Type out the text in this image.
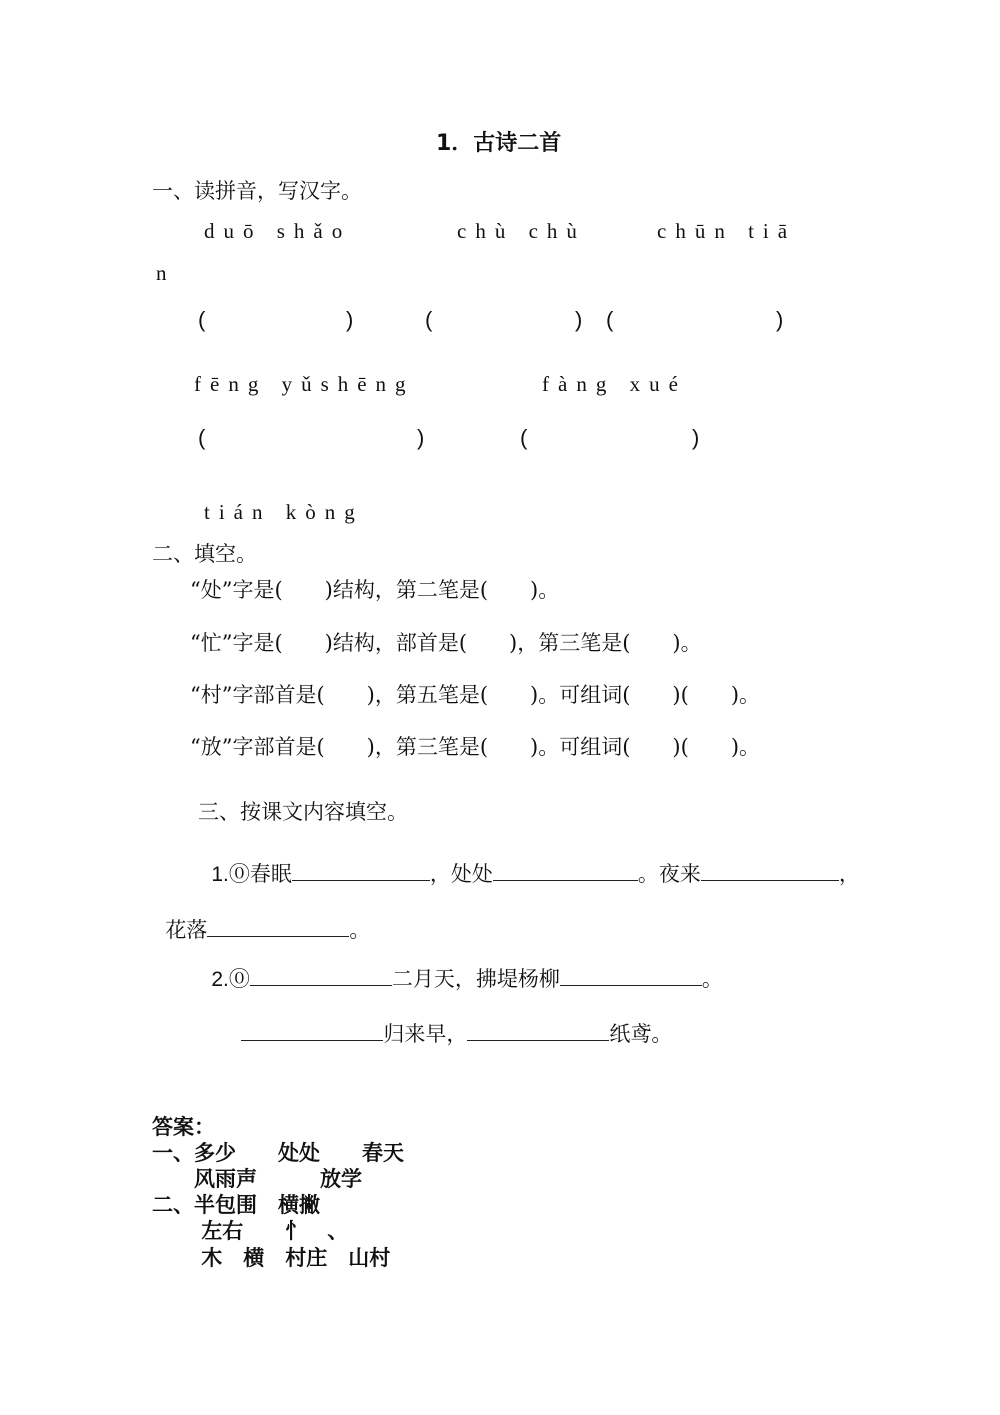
1．古诗二首
一、读拼音，写汉字。
duō shǎo	chù chù	chūn tiā
n
(	)	(	) (	)
fēng yǔshēng	fàng xué
(	)	(	)
tián kòng
二、填空。
“处”字是(　　)结构，第二笔是(　　)。
“忙”字是(　　)结构，部首是(　　)，第三笔是(　　)。
“村”字部首是(　　)，第五笔是(　　)。可组词(　　)(　　)。
“放”字部首是(　　)，第三笔是(　　)。可组词(　　)(　　)。
三、按课文内容填空。

1.⓪春眠	，处处	。夜来	，

花落	。

2.⓪	二月天，拂堤杨柳	。

归来早，	纸鸢。

答案：
一、多少　　处处　　春天
　　风雨声　　　放学
二、半包围　横撇
　　 左右　　忄　、
　　 木　横　村庄　山村
